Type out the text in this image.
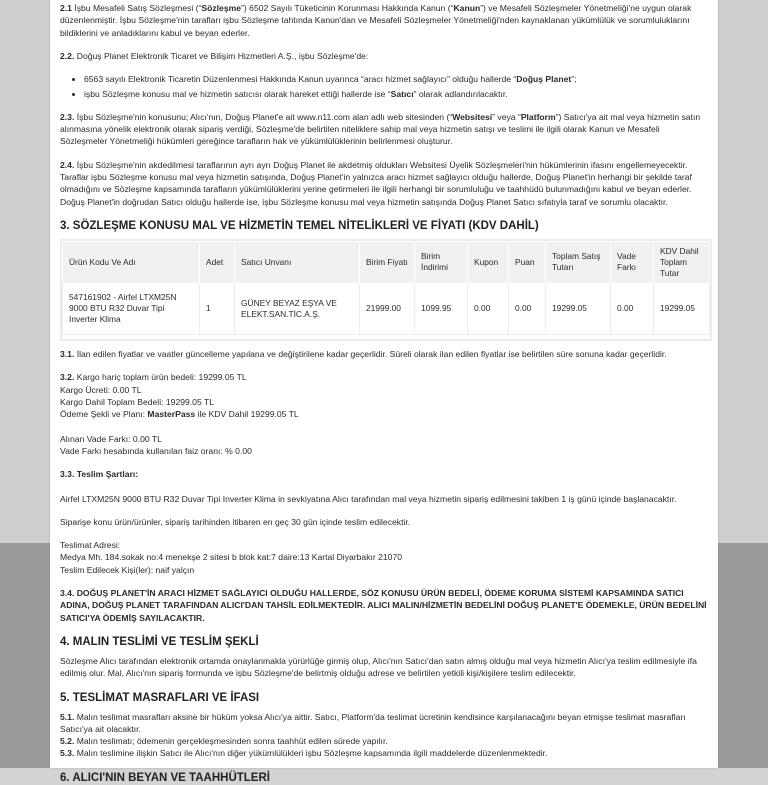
2.1 İşbu Mesafeli Satış Sözleşmesi (“Sözleşme”) 6502 Sayılı Tüketicinin Korunması Hakkında Kanun (“Kanun”) ve Mesafeli Sözleşmeler Yönetmeliği'ne uygun olarak düzenlenmiştir. İşbu Sözleşme'nin tarafları işbu Sözleşme tahtında Kanun'dan ve Mesafeli Sözleşmeler Yönetmeliği'nden kaynaklanan yükümlülük ve sorumluluklarını bildiklerini ve anladıklarını kabul ve beyan ederler.

2.2. Doğuş Planet Elektronik Ticaret ve Bilişim Hizmetleri A.Ş., işbu Sözleşme'de:

• 6563 sayılı Elektronik Ticaretin Düzenlenmesi Hakkında Kanun uyarınca “aracı hizmet sağlayıcı” olduğu hallerde “Doğuş Planet”;
• işbu Sözleşme konusu mal ve hizmetin satıcısı olarak hareket ettiği hallerde ise “Satıcı” olarak adlandırılacaktır.

2.3. İşbu Sözleşme'nin konusunu; Alıcı'nın, Doğuş Planet'e ait www.n11.com alan adlı web sitesinden (“Websitesi” veya “Platform”) Satıcı'ya ait mal veya hizmetin satın alınmasına yönelik elektronik olarak sipariş verdiği, Sözleşme'de belirtilen niteliklere sahip mal veya hizmetin satışı ve teslimi ile ilgili olarak Kanun ve Mesafeli Sözleşmeler Yönetmeliği hükümleri gereğince tarafların hak ve yükümlülüklerinin belirlenmesi oluşturur.

2.4. İşbu Sözleşme'nin akdedilmesi taraflarının ayrı ayrı Doğuş Planet ile akdetmiş oldukları Websitesi Üyelik Sözleşmeleri'nin hükümlerinin ifasını engellemeyecektir. Taraflar işbu Sözleşme konusu mal veya hizmetin satışında, Doğuş Planet'in yalnızca aracı hizmet sağlayıcı olduğu hallerde, Doğuş Planet'in herhangi bir şekilde taraf olmadığını ve Sözleşme kapsamında tarafların yükümlülüklerini yerine getirmeleri ile ilgili herhangi bir sorumluluğu ve taahhüdü bulunmadığını kabul ve beyan ederler. Doğuş Planet'in doğrudan Satıcı olduğu hallerde ise, işbu Sözleşme konusu mal veya hizmetin satışında Doğuş Planet Satıcı sıfatıyla taraf ve sorumlu olacaktır.

3. SÖZLEŞME KONUSU MAL VE HİZMETİN TEMEL NİTELİKLERİ VE FİYATI (KDV DAHİL)
Ürün Kodu Ve Adı	Adet	Satıcı Unvanı	Birim Fiyatı	Birim İndirimi	Kupon	Puan	Toplam Satış Tutarı	Vade Farkı	KDV Dahil Toplam Tutar
547161902 - Airfel LTXM25N 9000 BTU R32 Duvar Tipi Inverter Klima	1	GÜNEY BEYAZ EŞYA VE ELEKT.SAN.TİC.A.Ş.	21999.00	1099.95	0.00	0.00	19299.05	0.00	19299.05

3.1. İlan edilen fiyatlar ve vaatler güncelleme yapılana ve değiştirilene kadar geçerlidir. Süreli olarak ilan edilen fiyatlar ise belirtilen süre sonuna kadar geçerlidir.

3.2. Kargo hariç toplam ürün bedeli: 19299.05 TL
Kargo Ücreti: 0.00 TL
Kargo Dahil Toplam Bedeli: 19299.05 TL
Ödeme Şekli ve Planı: MasterPass ile KDV Dahil 19299.05 TL
Alınan Vade Farkı: 0.00 TL
Vade Farkı hesabında kullanılan faiz oranı: % 0.00
3.3. Teslim Şartları:

Airfel LTXM25N 9000 BTU R32 Duvar Tipi Inverter Klima in sevkiyatına Alıcı tarafından mal veya hizmetin sipariş edilmesini takiben 1 iş günü içinde başlanacaktır.

Siparişe konu ürün/ürünler, sipariş tarihinden itibaren en geç 30 gün içinde teslim edilecektir.

Teslimat Adresi:
Medya Mh. 184.sokak no:4 menekşe 2 sitesi b blok kat:7 daire:13 Kartal Diyarbakır 21070
Teslim Edilecek Kişi(ler): naif yalçın

3.4. DOĞUŞ PLANET'İN ARACI HİZMET SAĞLAYICI OLDUĞU HALLERDE, SÖZ KONUSU ÜRÜN BEDELİ, ÖDEME KORUMA SİSTEMİ KAPSAMINDA SATICI ADINA, DOĞUŞ PLANET TARAFINDAN ALICI'DAN TAHSİL EDİLMEKTEDİR. ALICI MALIN/HİZMETİN BEDELİNİ DOĞUŞ PLANET'E ÖDEMEKLE, ÜRÜN BEDELİNİ SATICI'YA ÖDEMİŞ SAYILACAKTIR.

4. MALIN TESLİMİ VE TESLİM ŞEKLİ

Sözleşme Alıcı tarafından elektronik ortamda onaylanmakla yürürlüğe girmiş olup, Alıcı'nın Satıcı'dan satın almış olduğu mal veya hizmetin Alıcı'ya teslim edilmesiyle ifa edilmiş olur. Mal, Alıcı'nın sipariş formunda ve işbu Sözleşme'de belirtmiş olduğu adrese ve belirtilen yetkili kişi/kişilere teslim edilecektir.

5. TESLİMAT MASRAFLARI VE İFASI
5.1. Malın teslimat masrafları aksine bir hüküm yoksa Alıcı'ya aittir. Satıcı, Platform'da teslimat ücretinin kendisince karşılanacağını beyan etmişse teslimat masrafları Satıcı'ya ait olacaktır.
5.2. Malın teslimatı; ödemenin gerçekleşmesinden sonra taahhüt edilen sürede yapılır.
5.3. Malın teslimine ilişkin Satıcı ile Alıcı'nın diğer yükümlülükleri işbu Sözleşme kapsamında ilgili maddelerde düzenlenmektedir.
6. ALICI'NIN BEYAN VE TAAHHÜTLERİ
